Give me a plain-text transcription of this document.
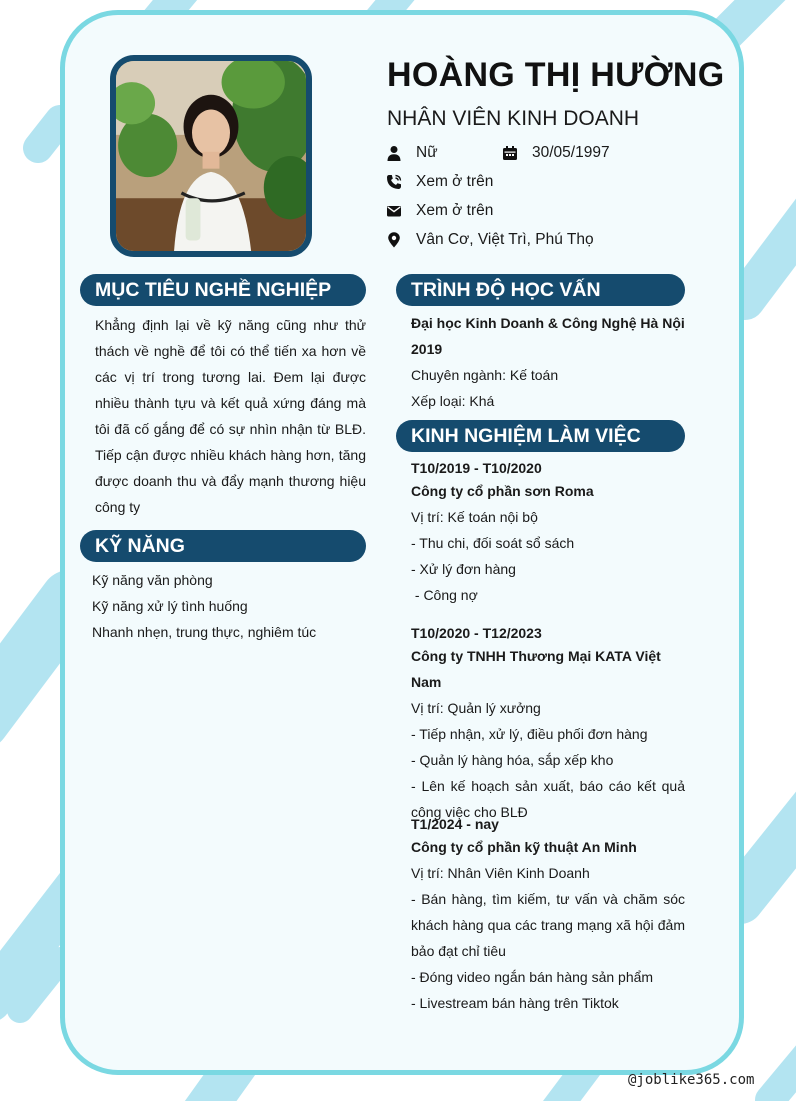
HOÀNG THỊ HƯỜNG
NHÂN VIÊN KINH DOANH
Nữ	30/05/1997
Xem ở trên
Xem ở trên
Vân Cơ, Việt Trì, Phú Thọ
MỤC TIÊU NGHỀ NGHIỆP

Khẳng định lại về kỹ năng cũng như thử thách về nghề để tôi có thể tiến xa hơn về các vị trí trong tương lai. Đem lại được nhiều thành tựu và kết quả xứng đáng mà tôi đã cố gắng để có sự nhìn nhận từ BLĐ. Tiếp cận được nhiều khách hàng hơn, tăng được doanh thu và đẩy mạnh thương hiệu công ty

KỸ NĂNG
Kỹ năng văn phòng
Kỹ năng xử lý tình huống
Nhanh nhẹn, trung thực, nghiêm túc
TRÌNH ĐỘ HỌC VẤN
Đại học Kinh Doanh & Công Nghệ Hà Nội
2019
Chuyên ngành: Kế toán
Xếp loại: Khá
KINH NGHIỆM LÀM VIỆC
T10/2019 - T10/2020
Công ty cổ phần sơn Roma
Vị trí: Kế toán nội bộ
- Thu chi, đối soát sổ sách
- Xử lý đơn hàng
- Công nợ
T10/2020 - T12/2023
Công ty TNHH Thương Mại KATA Việt Nam
Vị trí: Quản lý xưởng
- Tiếp nhận, xử lý, điều phối đơn hàng
- Quản lý hàng hóa, sắp xếp kho
- Lên kế hoạch sản xuất, báo cáo kết quả công việc cho BLĐ
T1/2024 - nay
Công ty cổ phần kỹ thuật An Minh
Vị trí: Nhân Viên Kinh Doanh
- Bán hàng, tìm kiếm, tư vấn và chăm sóc khách hàng qua các trang mạng xã hội đảm bảo đạt chỉ tiêu
- Đóng video ngắn bán hàng sản phẩm
- Livestream bán hàng trên Tiktok
@joblike365.com
